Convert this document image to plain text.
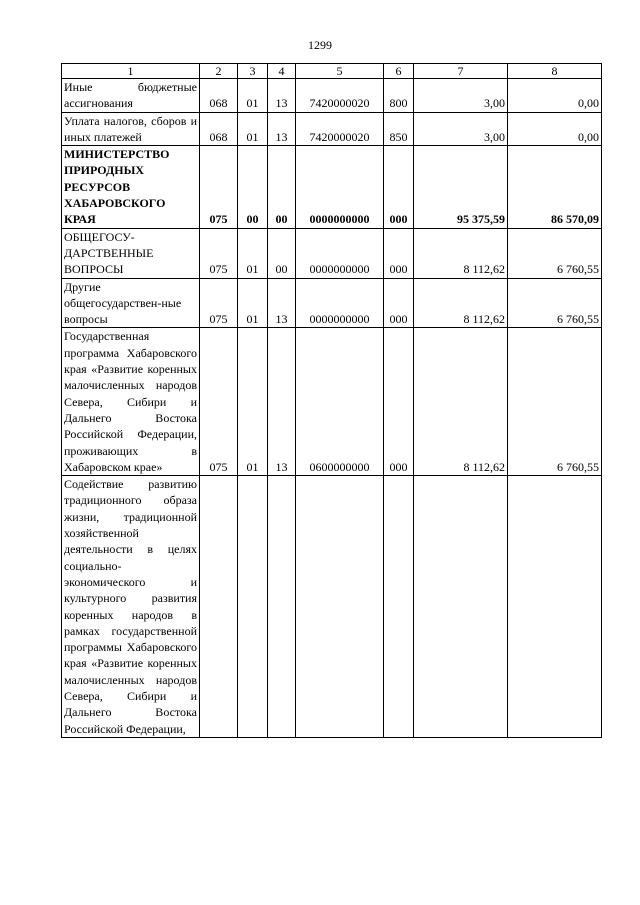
1299
1	2	3	4	5	6	7	8
Иные бюджетные ассигнования	068	01	13	7420000020	800	3,00	0,00
Уплата налогов, сборов и иных платежей	068	01	13	7420000020	850	3,00	0,00
МИНИСТЕРСТВО ПРИРОДНЫХ РЕСУРСОВ ХАБАРОВСКОГО КРАЯ	075	00	00	0000000000	000	95 375,59	86 570,09
ОБЩЕГОСУ-ДАРСТВЕННЫЕ ВОПРОСЫ	075	01	00	0000000000	000	8 112,62	6 760,55
Другие общегосударствен-ные вопросы	075	01	13	0000000000	000	8 112,62	6 760,55
Государственная программа Хабаровского края «Развитие коренных малочисленных народов Севера, Сибири и Дальнего Востока Российской Федерации, проживающих в Хабаровском крае»	075	01	13	0600000000	000	8 112,62	6 760,55
Содействие развитию традиционного образа жизни, традиционной хозяйственной деятельности в целях социально-экономического и культурного развития коренных народов в рамках государственной программы Хабаровского края «Развитие коренных малочисленных народов Севера, Сибири и Дальнего Востока Российской Федерации,							
